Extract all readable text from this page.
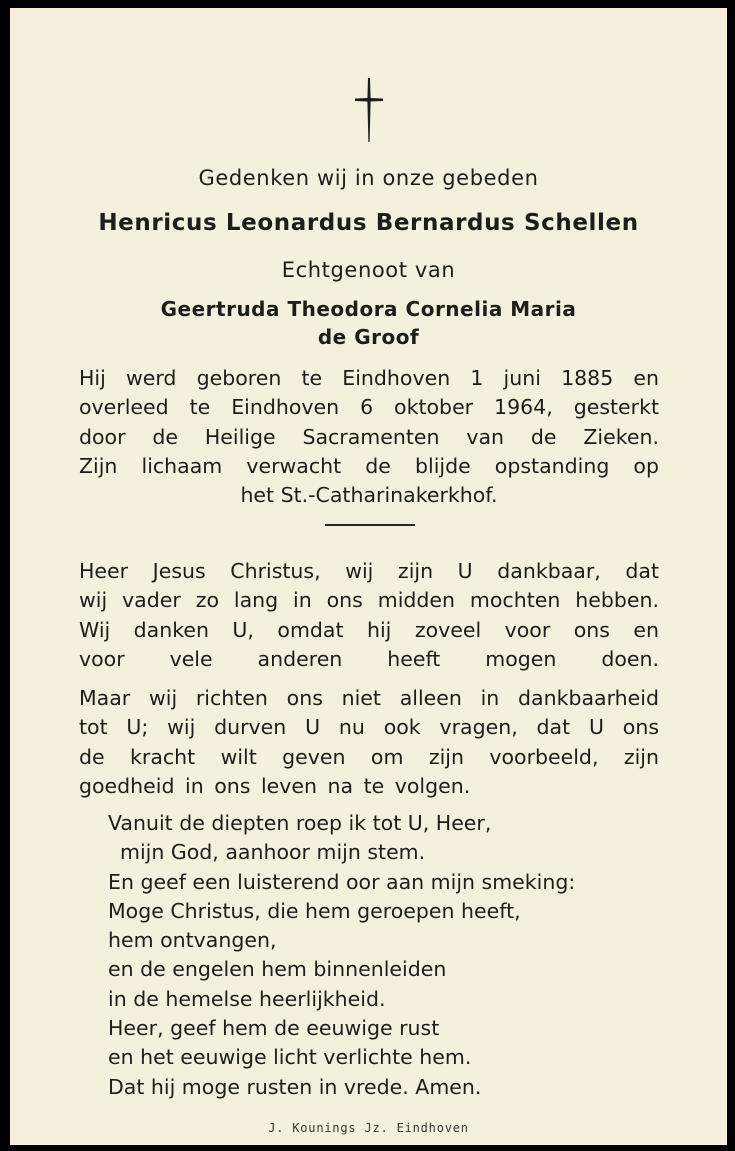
Gedenken wij in onze gebeden

Henricus Leonardus Bernardus Schellen

Echtgenoot van

Geertruda Theodora Cornelia Maria

de Groof

Hij werd geboren te Eindhoven 1 juni 1885 en
overleed te Eindhoven 6 oktober 1964, gesterkt
door de Heilige Sacramenten van de Zieken.
Zijn lichaam verwacht de blijde opstanding op
het St.-Catharinakerkhof.
Heer Jesus Christus, wij zijn U dankbaar, dat
wij vader zo lang in ons midden mochten hebben.
Wij danken U, omdat hij zoveel voor ons en
voor vele anderen heeft mogen doen.
Maar wij richten ons niet alleen in dankbaarheid
tot U; wij durven U nu ook vragen, dat U ons
de kracht wilt geven om zijn voorbeeld, zijn
goedheid in ons leven na te volgen.
Vanuit de diepten roep ik tot U, Heer,
mijn God, aanhoor mijn stem.
En geef een luisterend oor aan mijn smeking:
Moge Christus, die hem geroepen heeft,
hem ontvangen,
en de engelen hem binnenleiden
in de hemelse heerlijkheid.
Heer, geef hem de eeuwige rust
en het eeuwige licht verlichte hem.
Dat hij moge rusten in vrede. Amen.
J. Kounings Jz. Eindhoven
